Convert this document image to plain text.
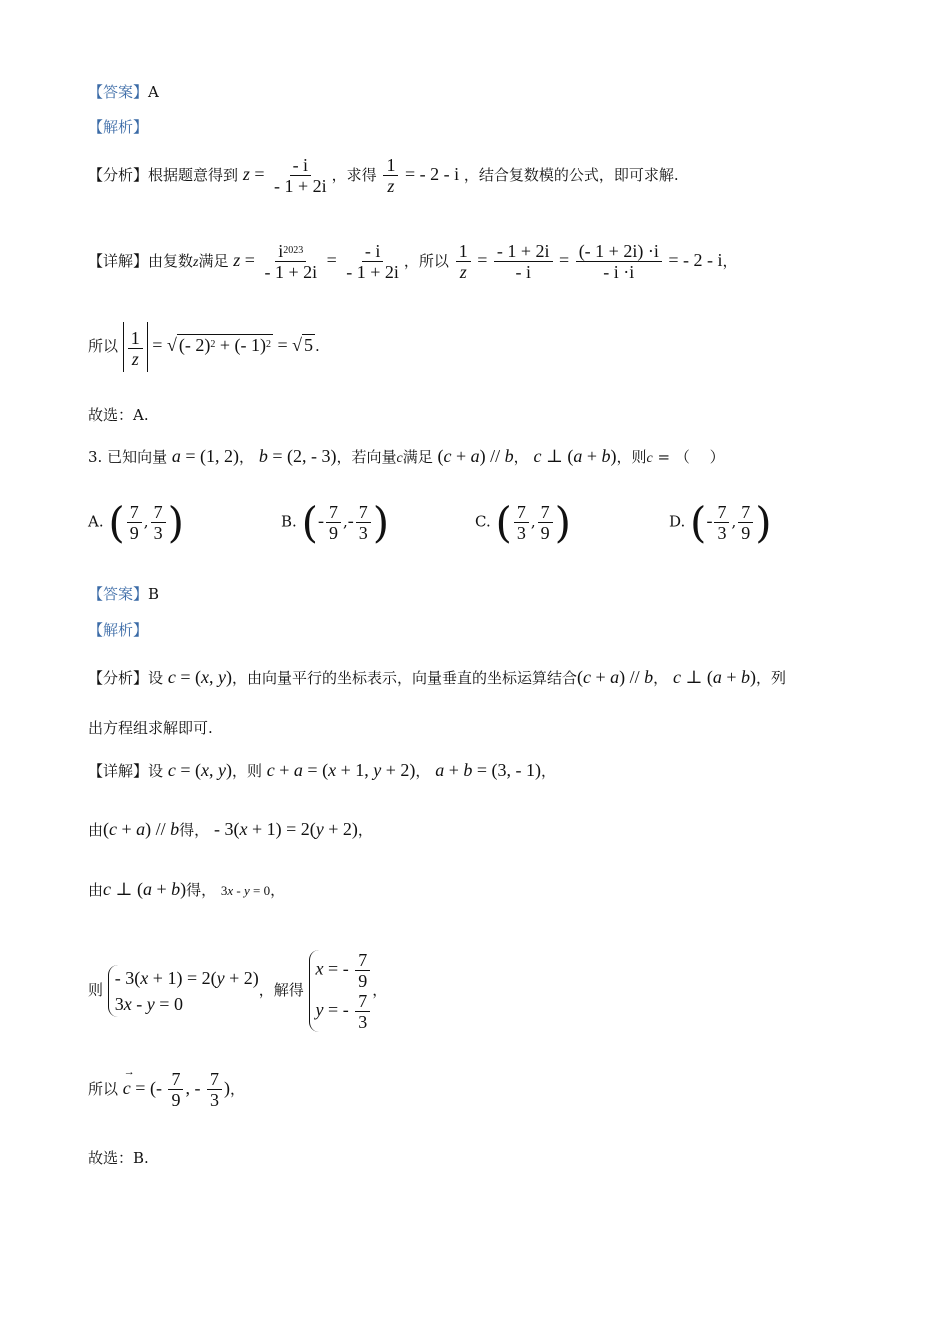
【答案】A
【解析】
【分析】根据题意得到 $z = \frac{- i}{- 1 + 2i}$ ，求得 $\frac{1}{z}$ = - 2 - i ，结合复数模的公式，即可求解.
【详解】由复数z满足 $z = \frac{i^{2023}}{- 1 + 2i} = \frac{- i}{- 1 + 2i}$ ，所以 $\frac{1}{z} = \frac{- 1 + 2i}{- i} = \frac{(- 1 + 2i) \cdot i}{- i \cdot i}$ = - 2 - i，
所以 $\frac{1}{z}$ = √ (- 2)$^2$ + (- 1)$^2$ = √ 5 .
故选：A.
3. 已知向量 a = (1, 2)， b = (2, - 3)，若向量c满足 (c + a) // b， c ⊥ (a + b)，则c = （　 ）
A. ( $\frac{7}{9}$ , $\frac{7}{3}$ )	B. (- $\frac{7}{9}$ ,- $\frac{7}{3}$ )	C. ( $\frac{7}{3}$ , $\frac{7}{9}$ )	D. (- $\frac{7}{3}$ , $\frac{7}{9}$ )
【答案】B
【解析】
【分析】设 c = (x, y)，由向量平行的坐标表示，向量垂直的坐标运算结合(c + a) // b， c ⊥ (a + b)，列
出方程组求解即可.
【详解】设 c = (x, y)，则 c + a = (x + 1, y + 2)， a + b = (3, - 1)，
由(c + a) // b得， - 3(x + 1) = 2(y + 2)，
由c ⊥ (a + b)得， 3x - y = 0，
则
- 3(x + 1) = 2(y + 2)
3x - y = 0
，解得
x = - $\frac{7}{9}$
y = - $\frac{7}{3}$
，
所以 → c = (- $\frac{7}{9}$ , - $\frac{7}{3}$ )，
故选：B.
